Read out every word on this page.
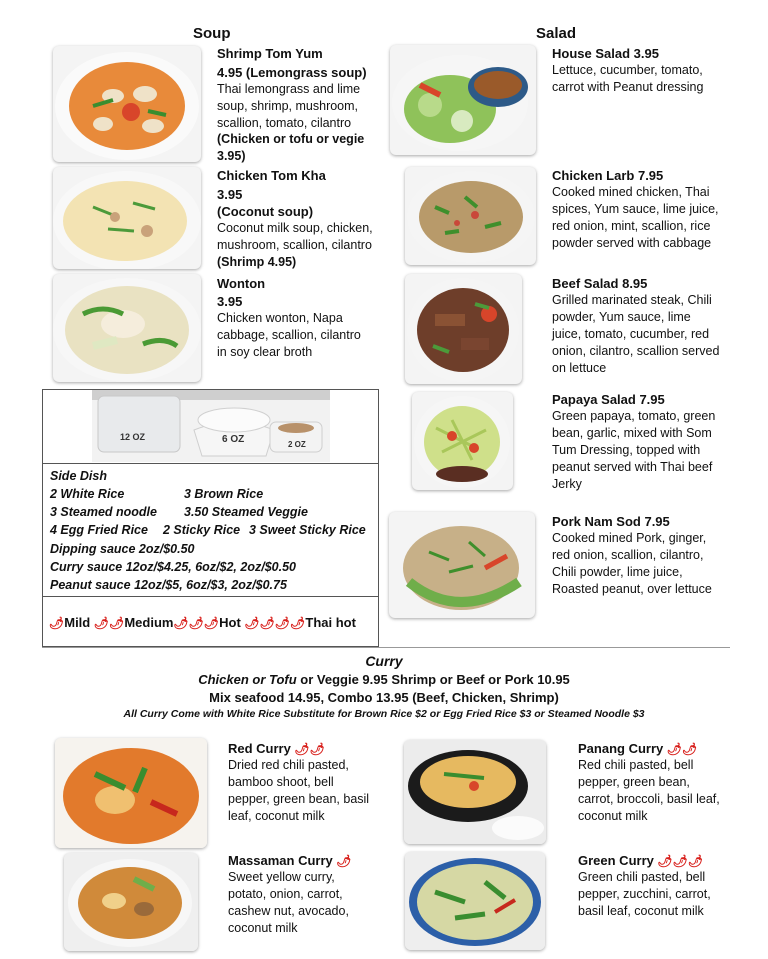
Soup
Shrimp Tom Yum
4.95 (Lemongrass soup)
Thai lemongrass and lime soup, shrimp, mushroom, scallion, tomato, cilantro
(Chicken or tofu or vegie 3.95)
Chicken Tom Kha
3.95
(Coconut soup)
Coconut milk soup, chicken, mushroom, scallion, cilantro (Shrimp 4.95)
Wonton
3.95
Chicken wonton, Napa cabbage, scallion, cilantro in soy clear broth
12 OZ	6 OZ	2 OZ
Side Dish
2 White Rice	3 Brown Rice
3 Steamed noodle 3.50 Steamed Veggie
4 Egg Fried Rice 2 Sticky Rice 3 Sweet Sticky Rice
Dipping sauce 2oz/$0.50
Curry sauce 12oz/$4.25, 6oz/$2, 2oz/$0.50
Peanut sauce 12oz/$5, 6oz/$3, 2oz/$0.75
🌶Mild 🌶🌶Medium🌶🌶🌶Hot 🌶🌶🌶🌶Thai hot
Salad
House Salad 3.95
Lettuce, cucumber, tomato, carrot with Peanut dressing
Chicken Larb 7.95
Cooked mined chicken, Thai spices, Yum sauce, lime juice, red onion, mint, scallion, rice powder served with cabbage
Beef Salad 8.95
Grilled marinated steak, Chili powder, Yum sauce, lime juice, tomato, cucumber, red onion, cilantro, scallion served on lettuce
Papaya Salad 7.95
Green papaya, tomato, green bean, garlic, mixed with Som Tum Dressing, topped with peanut served with Thai beef Jerky
Pork Nam Sod 7.95
Cooked mined Pork, ginger, red onion, scallion, cilantro, Chili powder, lime juice, Roasted peanut, over lettuce
Curry
Chicken or Tofu or Veggie 9.95 Shrimp or Beef or Pork 10.95
Mix seafood 14.95, Combo 13.95 (Beef, Chicken, Shrimp)
All Curry Come with White Rice Substitute for Brown Rice $2 or Egg Fried Rice $3 or Steamed Noodle $3
Red Curry 🌶🌶
Dried red chili pasted, bamboo shoot, bell pepper, green bean, basil leaf, coconut milk
Panang Curry 🌶🌶
Red chili pasted, bell pepper, green bean, carrot, broccoli, basil leaf, coconut milk
Massaman Curry 🌶
Sweet yellow curry, potato, onion, carrot, cashew nut, avocado, coconut milk
Green Curry 🌶🌶🌶
Green chili pasted, bell pepper, zucchini, carrot, basil leaf, coconut milk
